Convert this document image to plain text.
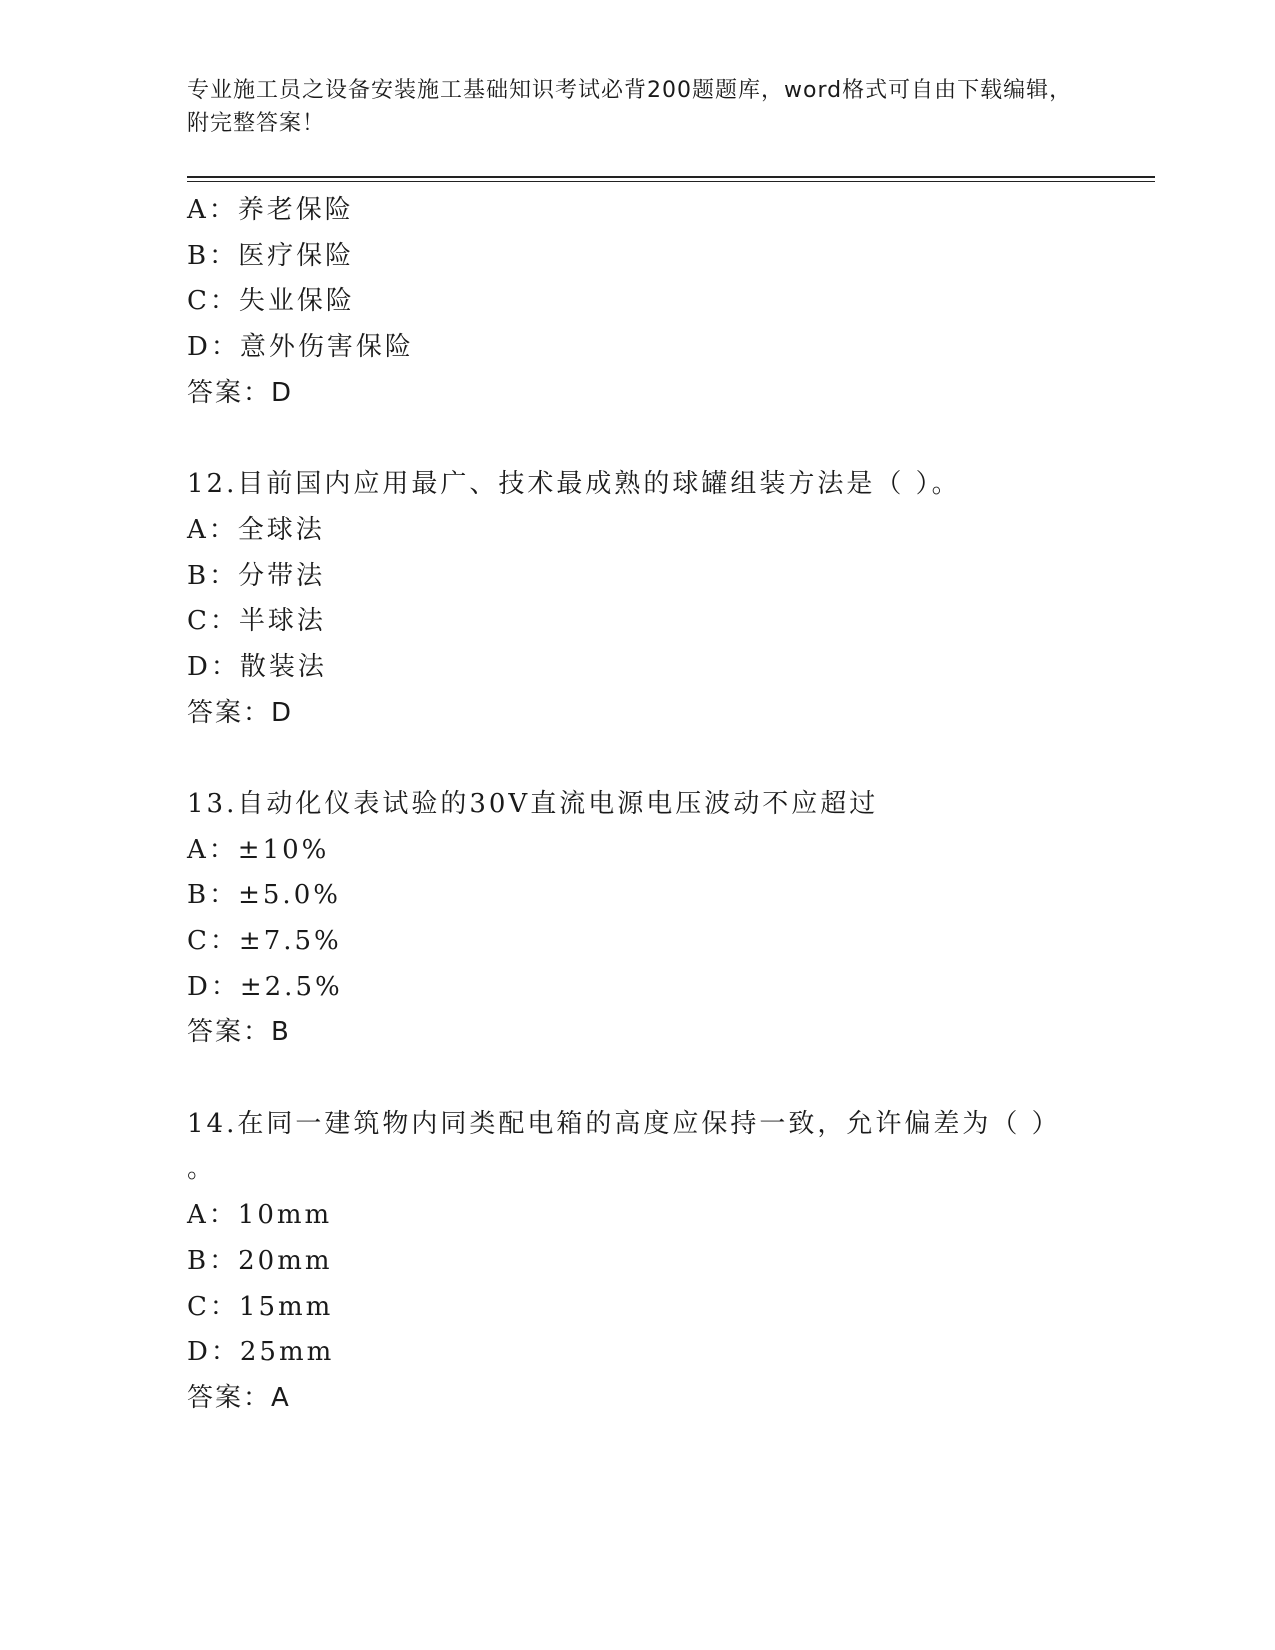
专业施工员之设备安装施工基础知识考试必背200题题库，word格式可自由下载编辑，附完整答案！
A：养老保险
B：医疗保险
C：失业保险
D：意外伤害保险
答案：D
12.目前国内应用最广、技术最成熟的球罐组装方法是（ ）。
A：全球法
B：分带法
C：半球法
D：散装法
答案：D
13.自动化仪表试验的30V直流电源电压波动不应超过
A：±10%
B：±5.0%
C：±7.5%
D：±2.5%
答案：B
14.在同一建筑物内同类配电箱的高度应保持一致，允许偏差为（ ）
。
A：10mm
B：20mm
C：15mm
D：25mm
答案：A
